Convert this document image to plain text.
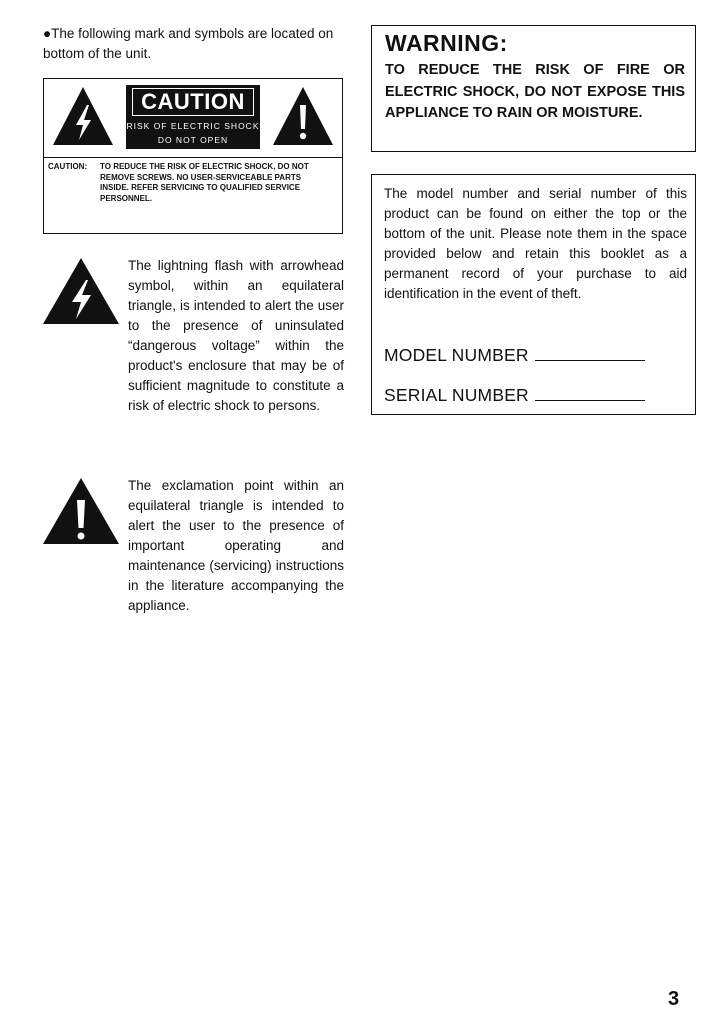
●The following mark and symbols are located on bottom of the unit.
CAUTION
RISK OF ELECTRIC SHOCK
DO NOT OPEN
CAUTION: TO REDUCE THE RISK OF ELECTRIC SHOCK, DO NOT REMOVE SCREWS. NO USER-SERVICEABLE PARTS INSIDE. REFER SERVICING TO QUALIFIED SERVICE PERSONNEL.
The lightning flash with arrowhead symbol, within an equilateral triangle, is intended to alert the user to the presence of uninsulated “dangerous voltage” within the product's enclosure that may be of sufficient magnitude to constitute a risk of electric shock to persons.
The exclamation point within an equilateral triangle is intended to alert the user to the presence of important operating and maintenance (servicing) instructions in the literature accompanying the appliance.
WARNING:
TO REDUCE THE RISK OF FIRE OR ELECTRIC SHOCK, DO NOT EXPOSE THIS APPLIANCE TO RAIN OR MOISTURE.
The model number and serial number of this product can be found on either the top or the bottom of the unit. Please note them in the space provided below and retain this booklet as a permanent record of your purchase to aid identification in the event of theft.
MODEL NUMBER
SERIAL NUMBER
3
